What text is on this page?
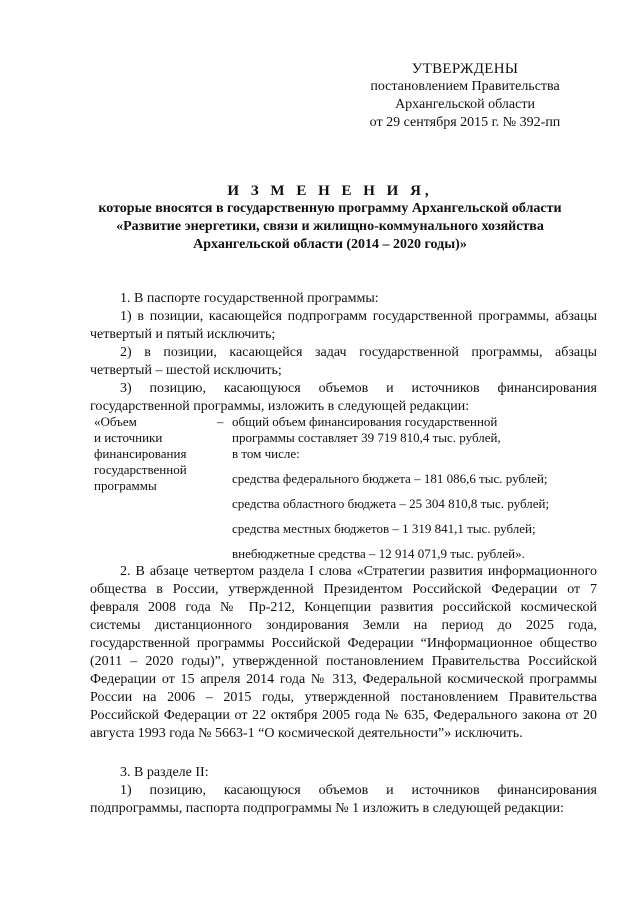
УТВЕРЖДЕНЫ
постановлением Правительства
Архангельской области
от 29 сентября 2015 г. № 392-пп
И З М Е Н Е Н И Я,
которые вносятся в государственную программу Архангельской области
«Развитие энергетики, связи и жилищно-коммунального хозяйства
Архангельской области (2014 – 2020 годы)»

1. В паспорте государственной программы:

1) в позиции, касающейся подпрограмм государственной программы, абзацы четвертый и пятый исключить;

2) в позиции, касающейся задач государственной программы, абзацы четвертый – шестой исключить;

3) позицию, касающуюся объемов и источников финансирования государственной программы, изложить в следующей редакции:

«Объем
и источники
финансирования
государственной
программы
– общий объем финансирования государственной
программы составляет 39 719 810,4 тыс. рублей,
в том числе:
средства федерального бюджета – 181 086,6 тыс. рублей;
средства областного бюджета – 25 304 810,8 тыс. рублей;
средства местных бюджетов – 1 319 841,1 тыс. рублей;
внебюджетные средства – 12 914 071,9 тыс. рублей».

2. В абзаце четвертом раздела I слова «Стратегии развития информационного общества в России, утвержденной Президентом Российской Федерации от 7 февраля 2008 года № Пр-212, Концепции развития российской космической системы дистанционного зондирования Земли на период до 2025 года, государственной программы Российской Федерации “Информационное общество (2011 – 2020 годы)”, утвержденной постановлением Правительства Российской Федерации от 15 апреля 2014 года № 313, Федеральной космической программы России на 2006 – 2015 годы, утвержденной постановлением Правительства Российской Федерации от 22 октября 2005 года № 635, Федерального закона от 20 августа 1993 года № 5663-1 “О космической деятельности”» исключить.

3. В разделе II:

1) позицию, касающуюся объемов и источников финансирования подпрограммы, паспорта подпрограммы № 1 изложить в следующей редакции:
